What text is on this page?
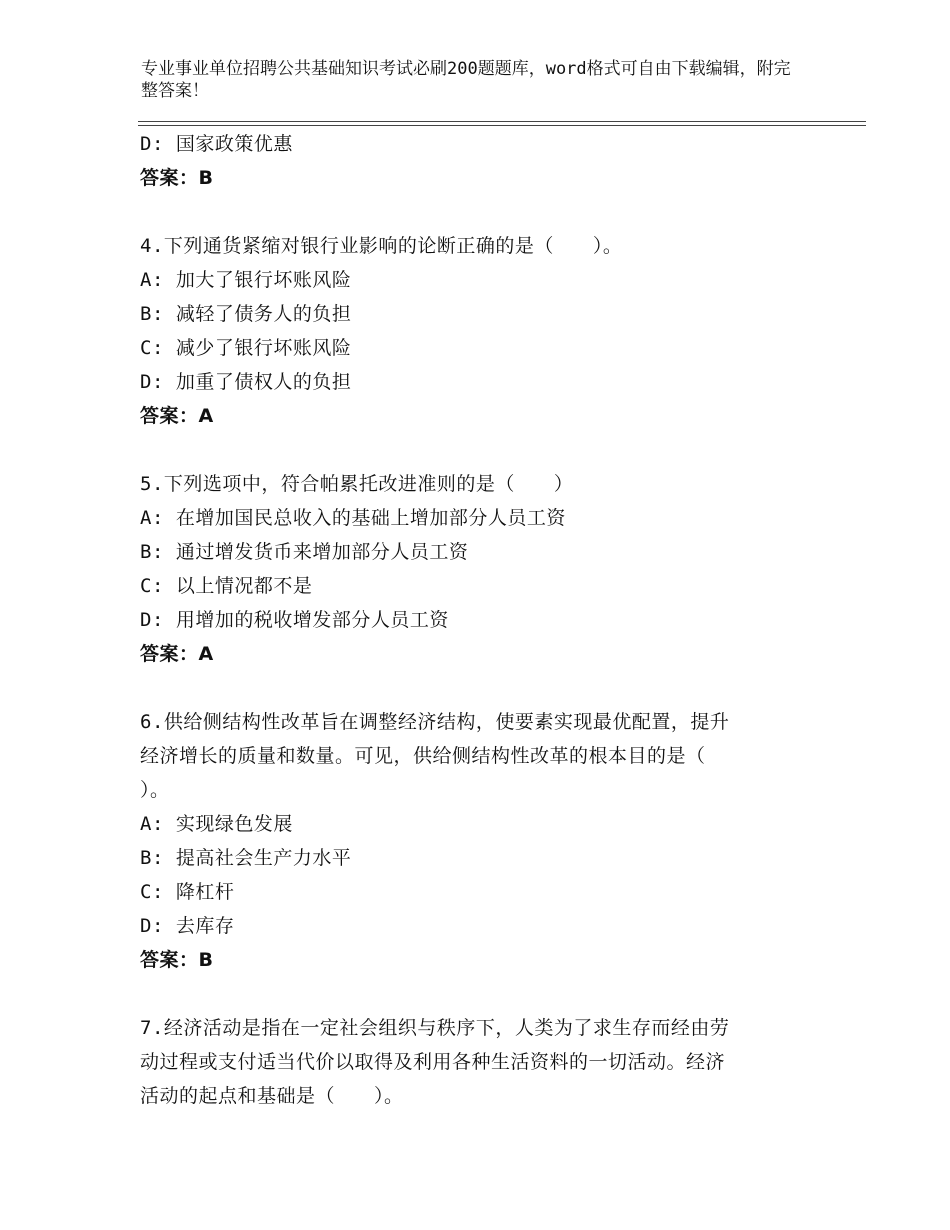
专业事业单位招聘公共基础知识考试必刷200题题库，word格式可自由下载编辑，附完整答案！
D: 国家政策优惠
答案：B
4.下列通货紧缩对银行业影响的论断正确的是（　　）。
A: 加大了银行坏账风险
B: 减轻了债务人的负担
C: 减少了银行坏账风险
D: 加重了债权人的负担
答案：A
5.下列选项中，符合帕累托改进准则的是（　　）
A: 在增加国民总收入的基础上增加部分人员工资
B: 通过增发货币来增加部分人员工资
C: 以上情况都不是
D: 用增加的税收增发部分人员工资
答案：A
6.供给侧结构性改革旨在调整经济结构，使要素实现最优配置，提升
经济增长的质量和数量。可见，供给侧结构性改革的根本目的是（
）。
A: 实现绿色发展
B: 提高社会生产力水平
C: 降杠杆
D: 去库存
答案：B
7.经济活动是指在一定社会组织与秩序下，人类为了求生存而经由劳
动过程或支付适当代价以取得及利用各种生活资料的一切活动。经济
活动的起点和基础是（　　）。
